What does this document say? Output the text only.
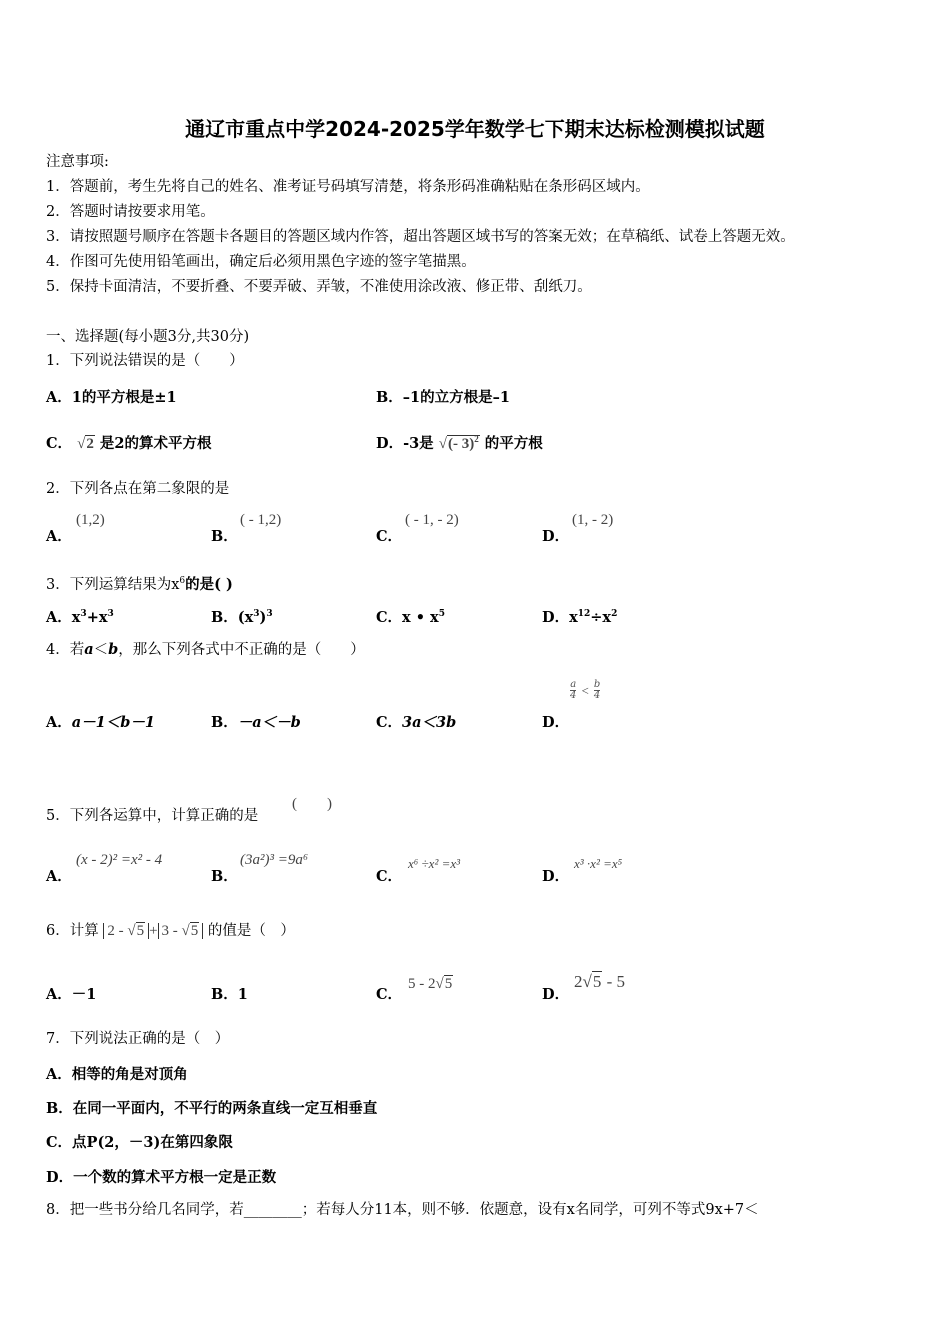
通辽市重点中学2024-2025学年数学七下期末达标检测模拟试题
注意事项:
1．答题前，考生先将自己的姓名、准考证号码填写清楚，将条形码准确粘贴在条形码区域内。
2．答题时请按要求用笔。
3．请按照题号顺序在答题卡各题目的答题区域内作答，超出答题区域书写的答案无效；在草稿纸、试卷上答题无效。
4．作图可先使用铅笔画出，确定后必须用黑色字迹的签字笔描黑。
5．保持卡面清洁，不要折叠、不要弄破、弄皱，不准使用涂改液、修正带、刮纸刀。
一、选择题(每小题3分,共30分)
1．下列说法错误的是（　　）
A．1的平方根是±1	B．–1的立方根是–1
C． √2 是2的算术平方根	D．-3是 √(- 3)$^2$ 的平方根
2．下列各点在第二象限的是
A．
(1,2)
B．
( - 1,2)
C．
( - 1, - 2)
D．
(1, - 2)
3．下列运算结果为$x^6$的是( )
A．$x^3+x^3$	B．$(x^3)^3$	C．x • $x^5$	D．$x^{12}\div x^2$
4．若a＜b，那么下列各式中不正确的是（　　）
A．a－1＜b－1	B．－a＜－b	C．3a＜3b	D．
$\frac{a}{4} < \frac{b}{4}$
5．下列各运算中，计算正确的是
(　　)
A．
(x - 2)² =x² - 4
B．
(3a²)³ =9a⁶
C．
x⁶ ÷x² =x³
D．
x³ ·x² =x⁵
6．计算 2 - √5 + 3 - √5 的值是（　）
A．－1	B．1	C．
5 - 2√5
D．
2√5 - 5
7．下列说法正确的是（　）
A．相等的角是对顶角
B．在同一平面内，不平行的两条直线一定互相垂直
C．点P(2，－3)在第四象限
D．一个数的算术平方根一定是正数
8．把一些书分给几名同学，若________；若每人分11本，则不够．依题意，设有x名同学，可列不等式9x+7＜
